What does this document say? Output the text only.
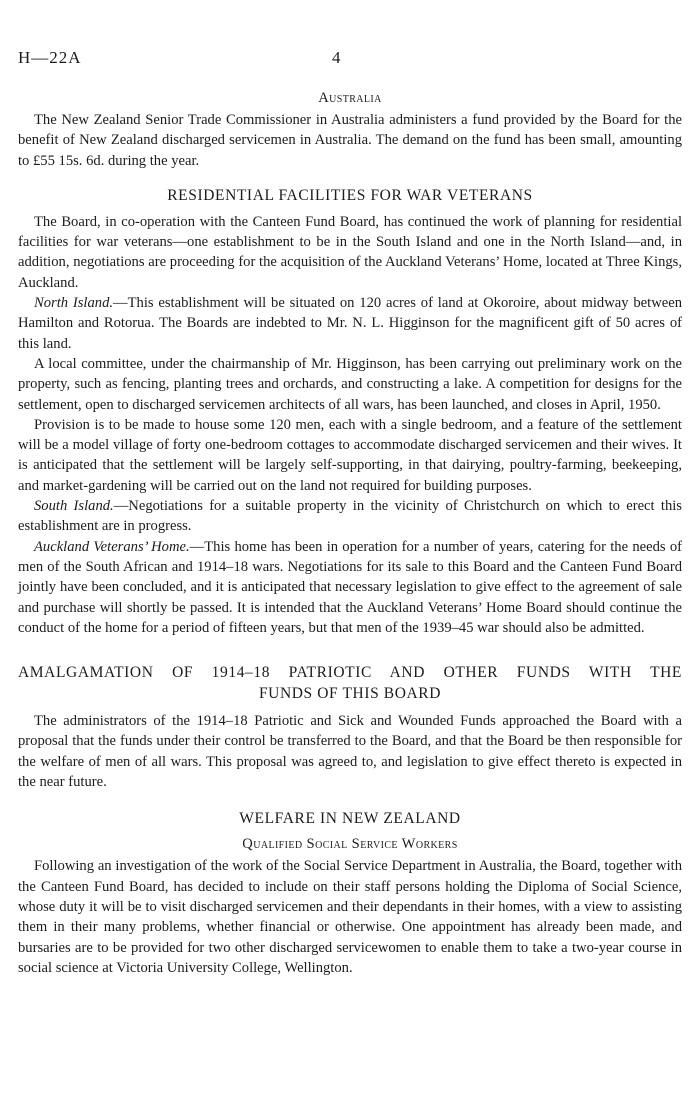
H—22A	4
Australia

The New Zealand Senior Trade Commissioner in Australia administers a fund provided by the Board for the benefit of New Zealand discharged servicemen in Australia. The demand on the fund has been small, amounting to £55 15s. 6d. during the year.

RESIDENTIAL FACILITIES FOR WAR VETERANS

The Board, in co-operation with the Canteen Fund Board, has continued the work of planning for residential facilities for war veterans—one establishment to be in the South Island and one in the North Island—and, in addition, negotiations are proceeding for the acquisition of the Auckland Veterans’ Home, located at Three Kings, Auckland.

North Island.—This establishment will be situated on 120 acres of land at Okoroire, about midway between Hamilton and Rotorua. The Boards are indebted to Mr. N. L. Higginson for the magnificent gift of 50 acres of this land.

A local committee, under the chairmanship of Mr. Higginson, has been carrying out preliminary work on the property, such as fencing, planting trees and orchards, and constructing a lake. A competition for designs for the settlement, open to discharged servicemen architects of all wars, has been launched, and closes in April, 1950.

Provision is to be made to house some 120 men, each with a single bedroom, and a feature of the settlement will be a model village of forty one-bedroom cottages to accommodate discharged servicemen and their wives. It is anticipated that the settlement will be largely self-supporting, in that dairying, poultry-farming, beekeeping, and market-gardening will be carried out on the land not required for building purposes.

South Island.—Negotiations for a suitable property in the vicinity of Christchurch on which to erect this establishment are in progress.

Auckland Veterans’ Home.—This home has been in operation for a number of years, catering for the needs of men of the South African and 1914–18 wars. Negotiations for its sale to this Board and the Canteen Fund Board jointly have been concluded, and it is anticipated that necessary legislation to give effect to the agreement of sale and purchase will shortly be passed. It is intended that the Auckland Veterans’ Home Board should continue the conduct of the home for a period of fifteen years, but that men of the 1939–45 war should also be admitted.

AMALGAMATION OF 1914–18 PATRIOTIC AND OTHER FUNDS WITH THE
FUNDS OF THIS BOARD

The administrators of the 1914–18 Patriotic and Sick and Wounded Funds approached the Board with a proposal that the funds under their control be transferred to the Board, and that the Board be then responsible for the welfare of men of all wars. This proposal was agreed to, and legislation to give effect thereto is expected in the near future.

WELFARE IN NEW ZEALAND
Qualified Social Service Workers

Following an investigation of the work of the Social Service Department in Australia, the Board, together with the Canteen Fund Board, has decided to include on their staff persons holding the Diploma of Social Science, whose duty it will be to visit discharged servicemen and their dependants in their homes, with a view to assisting them in their many problems, whether financial or otherwise. One appointment has already been made, and bursaries are to be provided for two other discharged servicewomen to enable them to take a two-year course in social science at Victoria University College, Wellington.
